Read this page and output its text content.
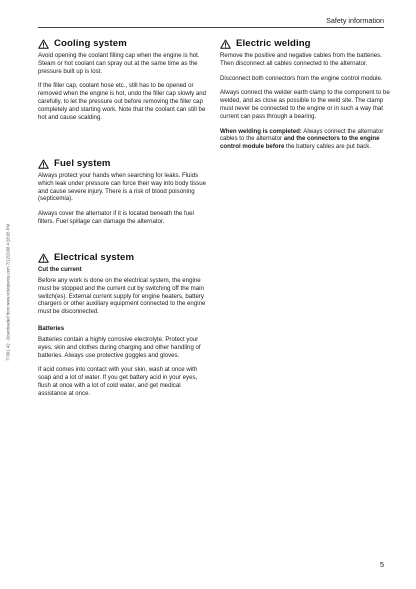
Safety information
77301 42 · Downloaded from www.volvopenta.com 7/12/2008 4:28:05 PM
Cooling system

Avoid opening the coolant filling cap when the engine is hot. Steam or hot coolant can spray out at the same time as the pressure built up is lost.

If the filler cap, coolant hose etc., still has to be opened or removed when the engine is hot, undo the filler cap slowly and carefully, to let the pressure out before removing the filler cap completely and starting work. Note that the coolant can still be hot and cause scalding.

Fuel system

Always protect your hands when searching for leaks. Fluids which leak under pressure can force their way into body tissue and cause severe injury. There is a risk of blood poisoning (septicemia).

Always cover the alternator if it is located beneath the fuel filters. Fuel spillage can damage the alternator.

Electrical system
Cut the current

Before any work is done on the electrical system, the engine must be stopped and the current cut by switching off the main switch(es). External current supply for engine heaters, battery chargers or other auxiliary equipment connected to the engine must be disconnected.

Batteries

Batteries contain a highly corrosive electrolyte. Protect your eyes, skin and clothes during charging and other handling of batteries. Always use protective goggles and gloves.

If acid comes into contact with your skin, wash at once with soap and a lot of water. If you get battery acid in your eyes, flush at once with a lot of cold water, and get medical assistance at once.

Electric welding

Remove the positive and negative cables from the batteries. Then disconnect all cables connected to the alternator.

Disconnect both connectors from the engine control module.

Always connect the welder earth clamp to the component to be welded, and as close as possible to the weld site. The clamp must never be connected to the engine or in such a way that current can pass through a bearing.

When welding is completed: Always connect the alternator cables to the alternator and the connectors to the engine control module before the battery cables are put back.

5
